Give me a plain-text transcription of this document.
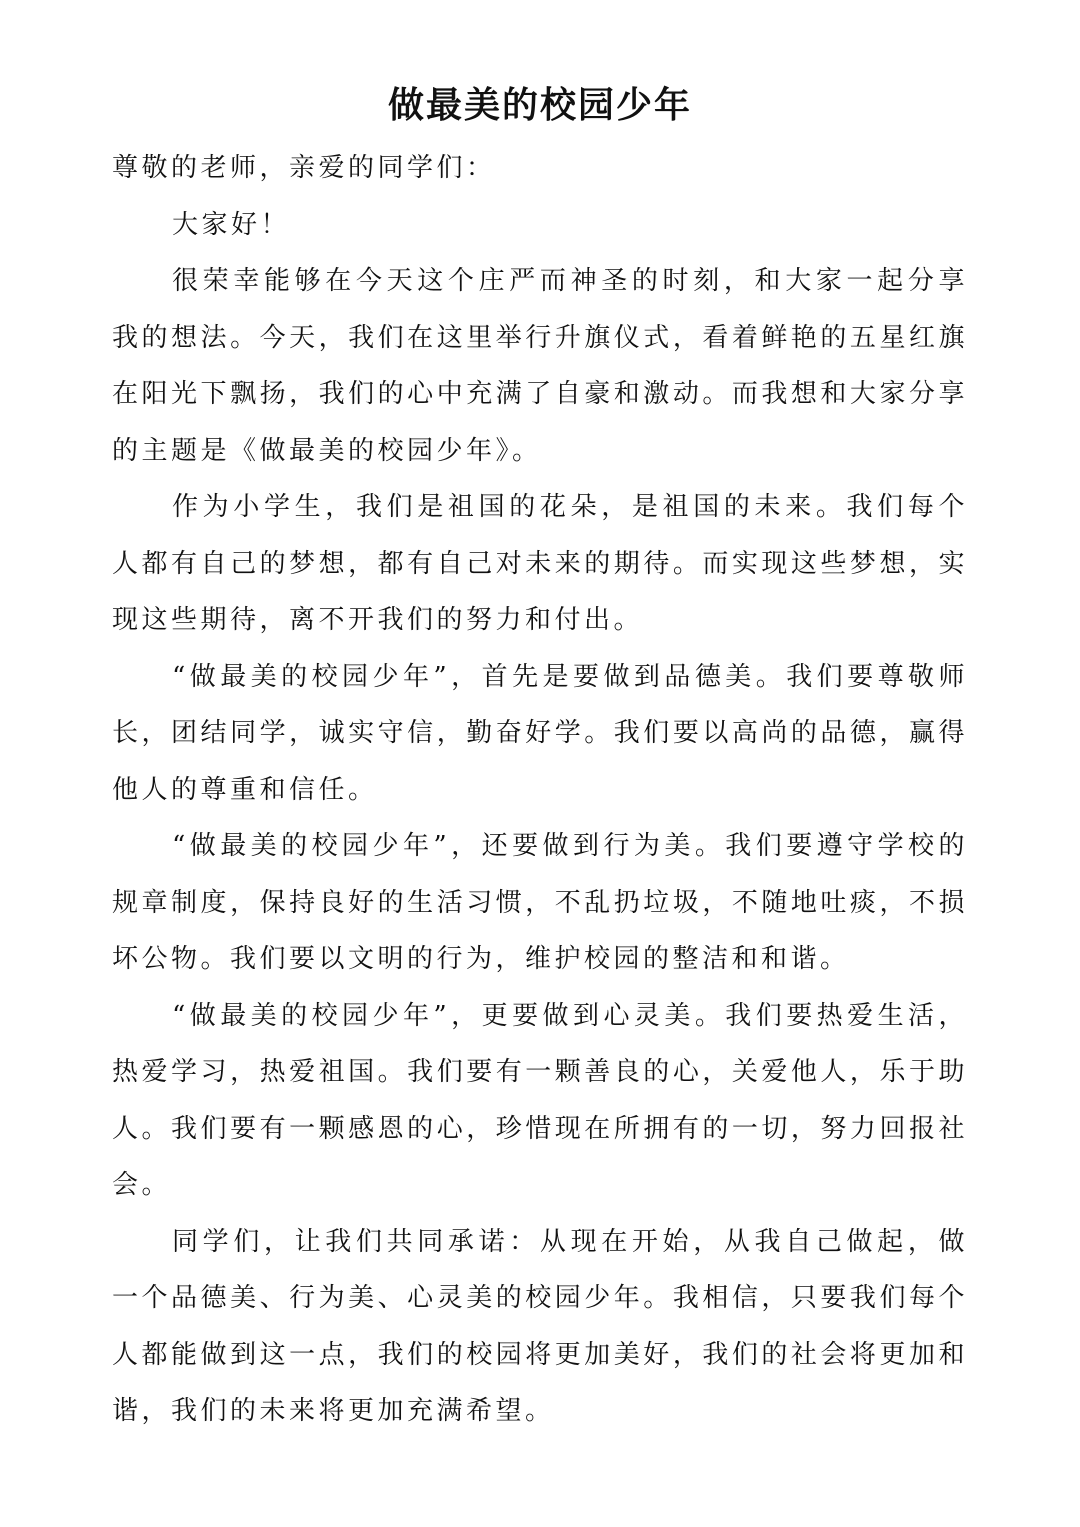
做最美的校园少年

尊敬的老师，亲爱的同学们：

大家好！

很荣幸能够在今天这个庄严而神圣的时刻，和大家一起分享我的想法。今天，我们在这里举行升旗仪式，看着鲜艳的五星红旗在阳光下飘扬，我们的心中充满了自豪和激动。而我想和大家分享的主题是《做最美的校园少年》。

作为小学生，我们是祖国的花朵，是祖国的未来。我们每个人都有自己的梦想，都有自己对未来的期待。而实现这些梦想，实现这些期待，离不开我们的努力和付出。

“做最美的校园少年”，首先是要做到品德美。我们要尊敬师长，团结同学，诚实守信，勤奋好学。我们要以高尚的品德，赢得他人的尊重和信任。

“做最美的校园少年”，还要做到行为美。我们要遵守学校的规章制度，保持良好的生活习惯，不乱扔垃圾，不随地吐痰，不损坏公物。我们要以文明的行为，维护校园的整洁和和谐。

“做最美的校园少年”，更要做到心灵美。我们要热爱生活，热爱学习，热爱祖国。我们要有一颗善良的心，关爱他人，乐于助人。我们要有一颗感恩的心，珍惜现在所拥有的一切，努力回报社会。

同学们，让我们共同承诺：从现在开始，从我自己做起，做一个品德美、行为美、心灵美的校园少年。我相信，只要我们每个人都能做到这一点，我们的校园将更加美好，我们的社会将更加和谐，我们的未来将更加充满希望。
